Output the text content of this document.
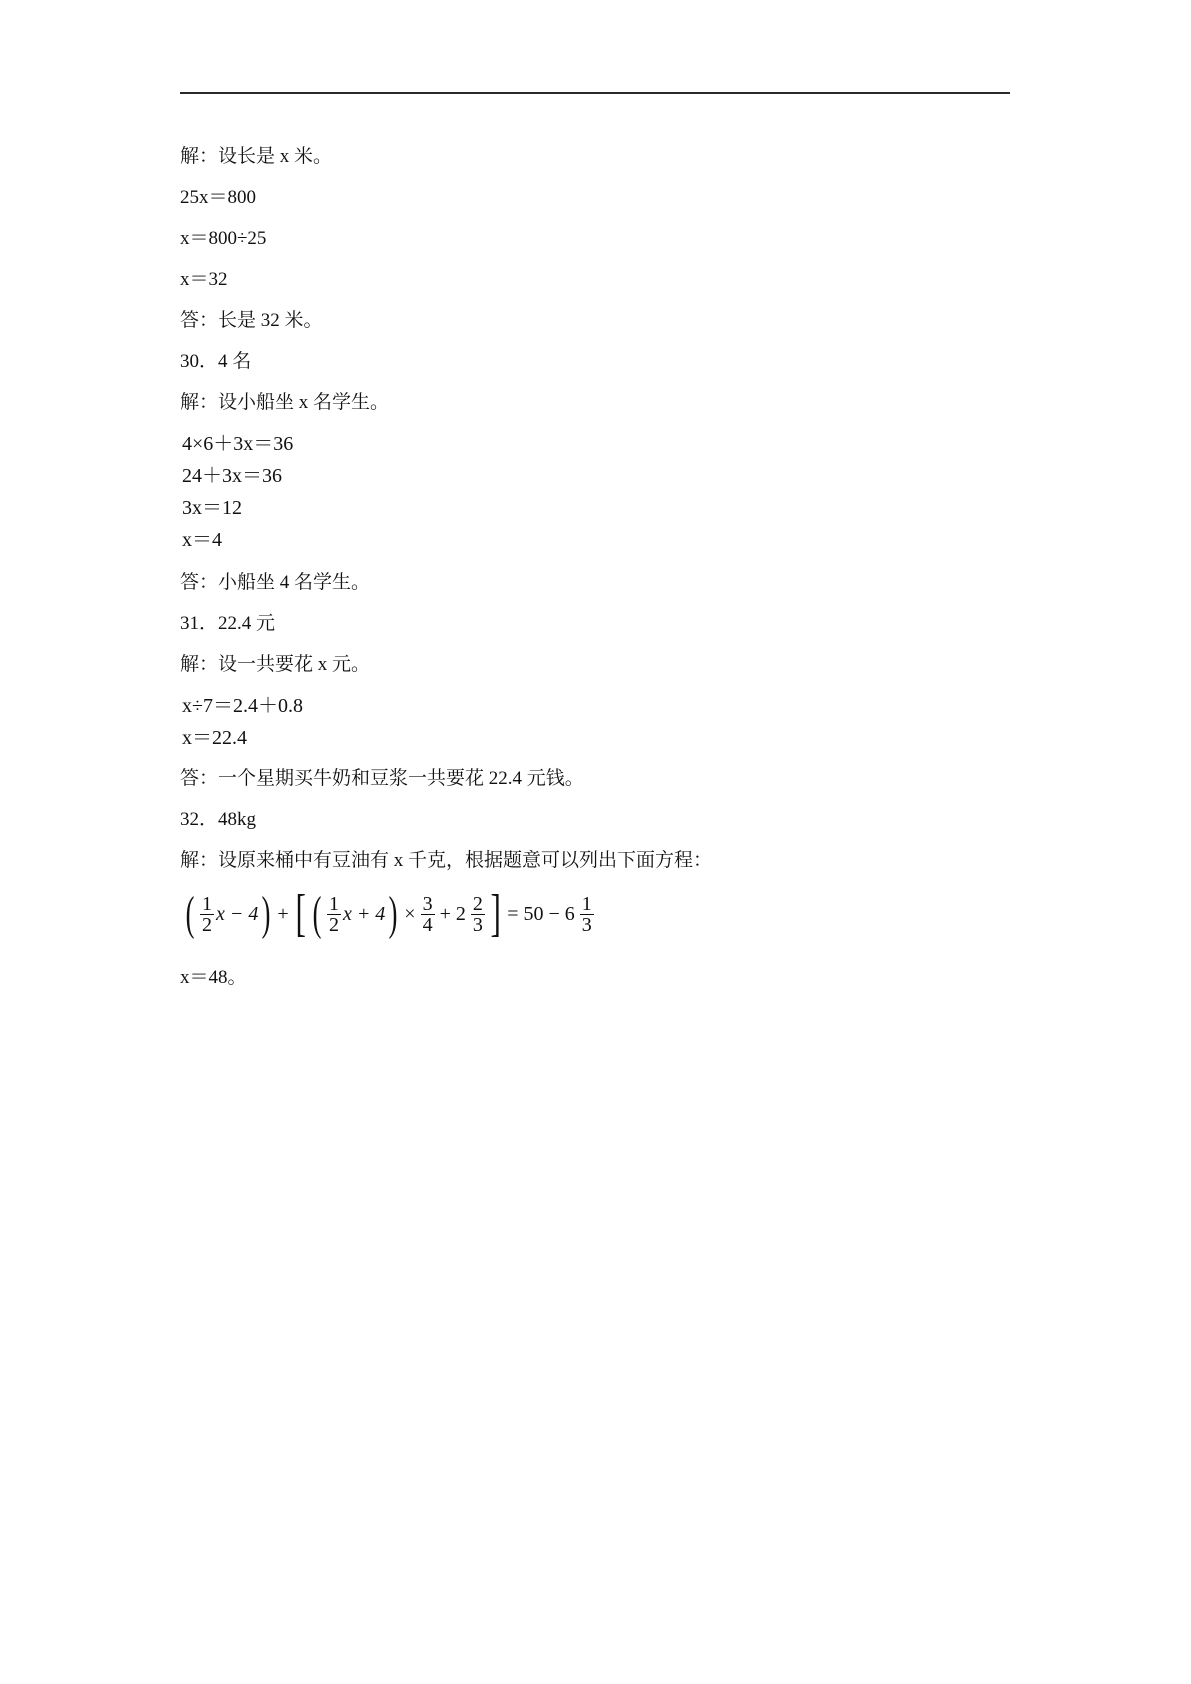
解：设长是 x 米。
25x＝800
x＝800÷25
x＝32
答：长是 32 米。
30．4 名
解：设小船坐 x 名学生。
4×6＋3x＝36
24＋3x＝36
3x＝12
x＝4
答：小船坐 4 名学生。
31．22.4 元
解：设一共要花 x 元。
x÷7＝2.4＋0.8
x＝22.4
答：一个星期买牛奶和豆浆一共要花 22.4 元钱。
32．48kg
解：设原来桶中有豆油有 x 千克，根据题意可以列出下面方程：
( $\frac{1}{2}$ x − 4 ) + [ ( $\frac{1}{2}$ x + 4 ) × $\frac{3}{4} + 2 \frac{2}{3}$ ] = $50 - 6 \frac{1}{3}$
x＝48。
